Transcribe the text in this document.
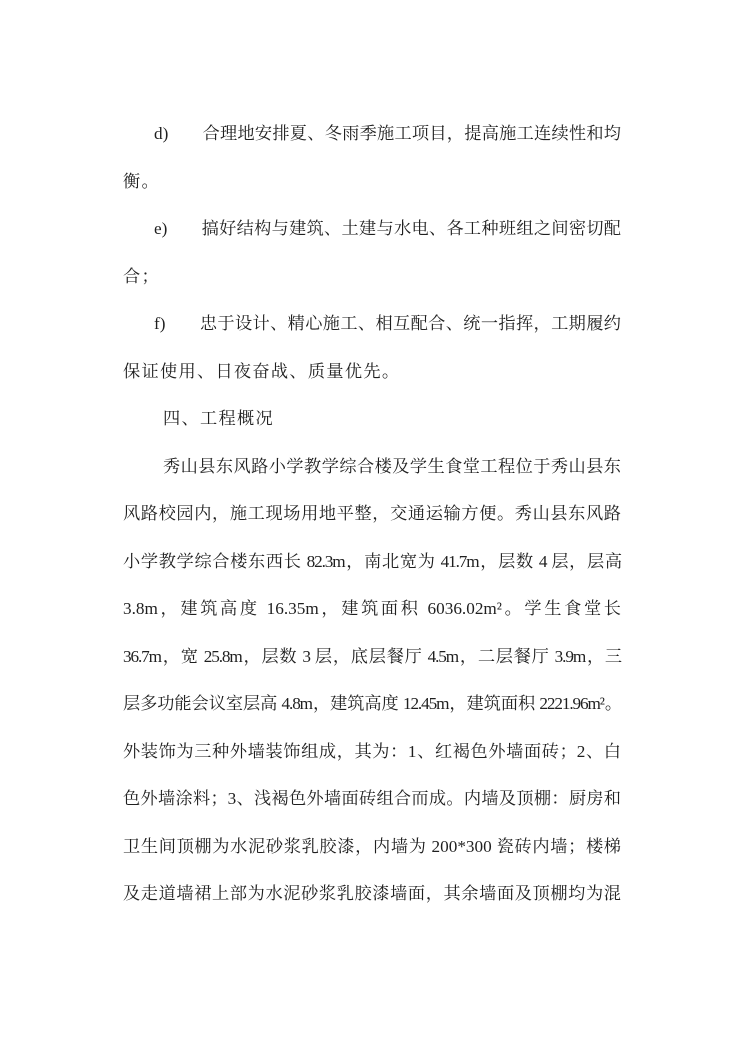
d) 合理地安排夏、冬雨季施工项目，提高施工连续性和均
衡。
e) 搞好结构与建筑、土建与水电、各工种班组之间密切配
合；
f) 忠于设计、精心施工、相互配合、统一指挥，工期履约
保证使用、日夜奋战、质量优先。
四、工程概况
秀山县东风路小学教学综合楼及学生食堂工程位于秀山县东
风路校园内，施工现场用地平整，交通运输方便。秀山县东风路
小学教学综合楼东西长 82.3m，南北宽为 41.7m，层数 4 层，层高
3.8m，建筑高度 16.35m，建筑面积 6036.02m²。学生食堂长
36.7m，宽 25.8m，层数 3 层，底层餐厅 4.5m，二层餐厅 3.9m，三
层多功能会议室层高 4.8m，建筑高度 12.45m，建筑面积 2221.96m²。
外装饰为三种外墙装饰组成，其为：1、红褐色外墙面砖；2、白
色外墙涂料；3、浅褐色外墙面砖组合而成。内墙及顶棚：厨房和
卫生间顶棚为水泥砂浆乳胶漆，内墙为 200*300 瓷砖内墙；楼梯
及走道墙裙上部为水泥砂浆乳胶漆墙面，其余墙面及顶棚均为混
